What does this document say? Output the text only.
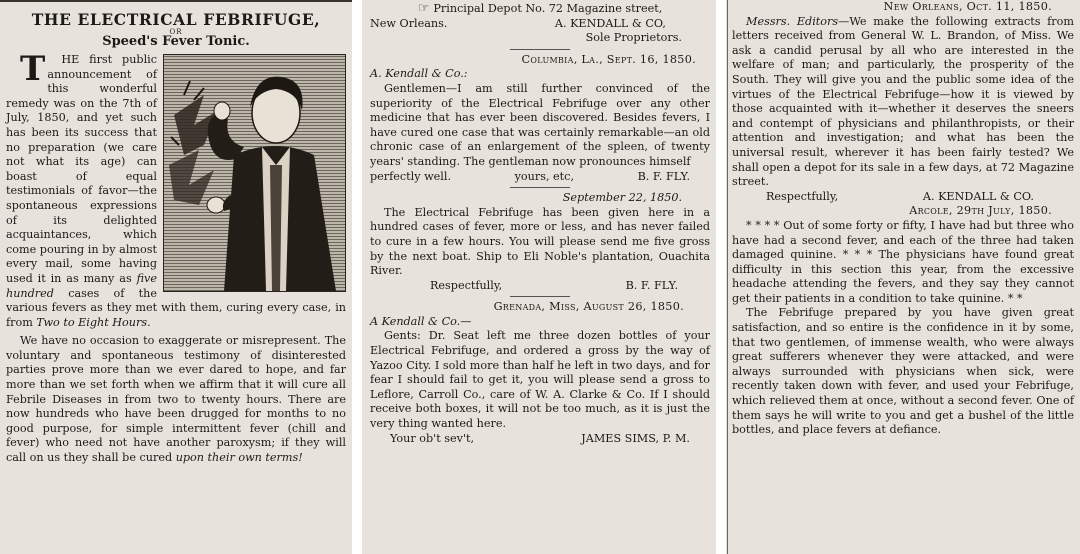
THE ELECTRICAL FEBRIFUGE,
OR
Speed's Fever Tonic.

T HE first public announcement of this wonderful remedy was on the 7th of July, 1850, and yet such has been its success that no preparation (we care not what its age) can boast of equal testimonials of favor—the spontaneous expressions of its delighted acquaintances, which come pouring in by almost every mail, some having used it in as many as five hundred cases of the various fevers as they met with them, curing every case, in from Two to Eight Hours.

We have no occasion to exaggerate or misrepresent. The voluntary and spontaneous testimony of disinterested parties prove more than we ever dared to hope, and far more than we set forth when we affirm that it will cure all Febrile Diseases in from two to twenty hours. There are now hundreds who have been drugged for months to no good purpose, for simple intermittent fever (chill and fever) who need not have another paroxysm; if they will call on us they shall be cured upon their own terms!

☞ Principal Depot No. 72 Magazine street,

New Orleans.	A. KENDALL & CO,

Sole Proprietors.

Columbia, La., Sept. 16, 1850.

A. Kendall & Co.:

Gentlemen—I am still further convinced of the superiority of the Electrical Febrifuge over any other medicine that has ever been discovered. Besides fevers, I have cured one case that was certainly remarkable—an old chronic case of an enlargement of the spleen, of twenty years' standing. The gentleman now pronounces himself

perfectly well.	yours, etc,	B. F. FLY.

September 22, 1850.

The Electrical Febrifuge has been given here in a hundred cases of fever, more or less, and has never failed to cure in a few hours. You will please send me five gross by the next boat. Ship to Eli Noble's plantation, Ouachita River.

Respectfully,	B. F. FLY.

Grenada, Miss, August 26, 1850.

A Kendall & Co.—

Gents: Dr. Seat left me three dozen bottles of your Electrical Febrifuge, and ordered a gross by the way of Yazoo City. I sold more than half he left in two days, and for fear I should fail to get it, you will please send a gross to Leflore, Carroll Co., care of W. A. Clarke & Co. If I should receive both boxes, it will not be too much, as it is just the very thing wanted here.

Your ob't sev't,	JAMES SIMS, P. M.

New Orleans, Oct. 11, 1850.

Messrs. Editors—We make the following extracts from letters received from General W. L. Brandon, of Miss. We ask a candid perusal by all who are interested in the welfare of man; and particularly, the prosperity of the South. They will give you and the public some idea of the virtues of the Electrical Febrifuge—how it is viewed by those acquainted with it—whether it deserves the sneers and contempt of physicians and philanthropists, or their attention and investigation; and what has been the universal result, wherever it has been fairly tested? We shall open a depot for its sale in a few days, at 72 Magazine street.

Respectfully,	A. KENDALL & CO.

Arcole, 29th July, 1850.

* * * * Out of some forty or fifty, I have had but three who have had a second fever, and each of the three had taken damaged quinine. * * * The physicians have found great difficulty in this section this year, from the excessive headache attending the fevers, and they say they cannot get their patients in a condition to take quinine. * *

The Febrifuge prepared by you have given great satisfaction, and so entire is the confidence in it by some, that two gentlemen, of immense wealth, who were always great sufferers whenever they were attacked, and were always surrounded with physicians when sick, were recently taken down with fever, and used your Febrifuge, which relieved them at once, without a second fever. One of them says he will write to you and get a bushel of the little bottles, and place fevers at defiance.
